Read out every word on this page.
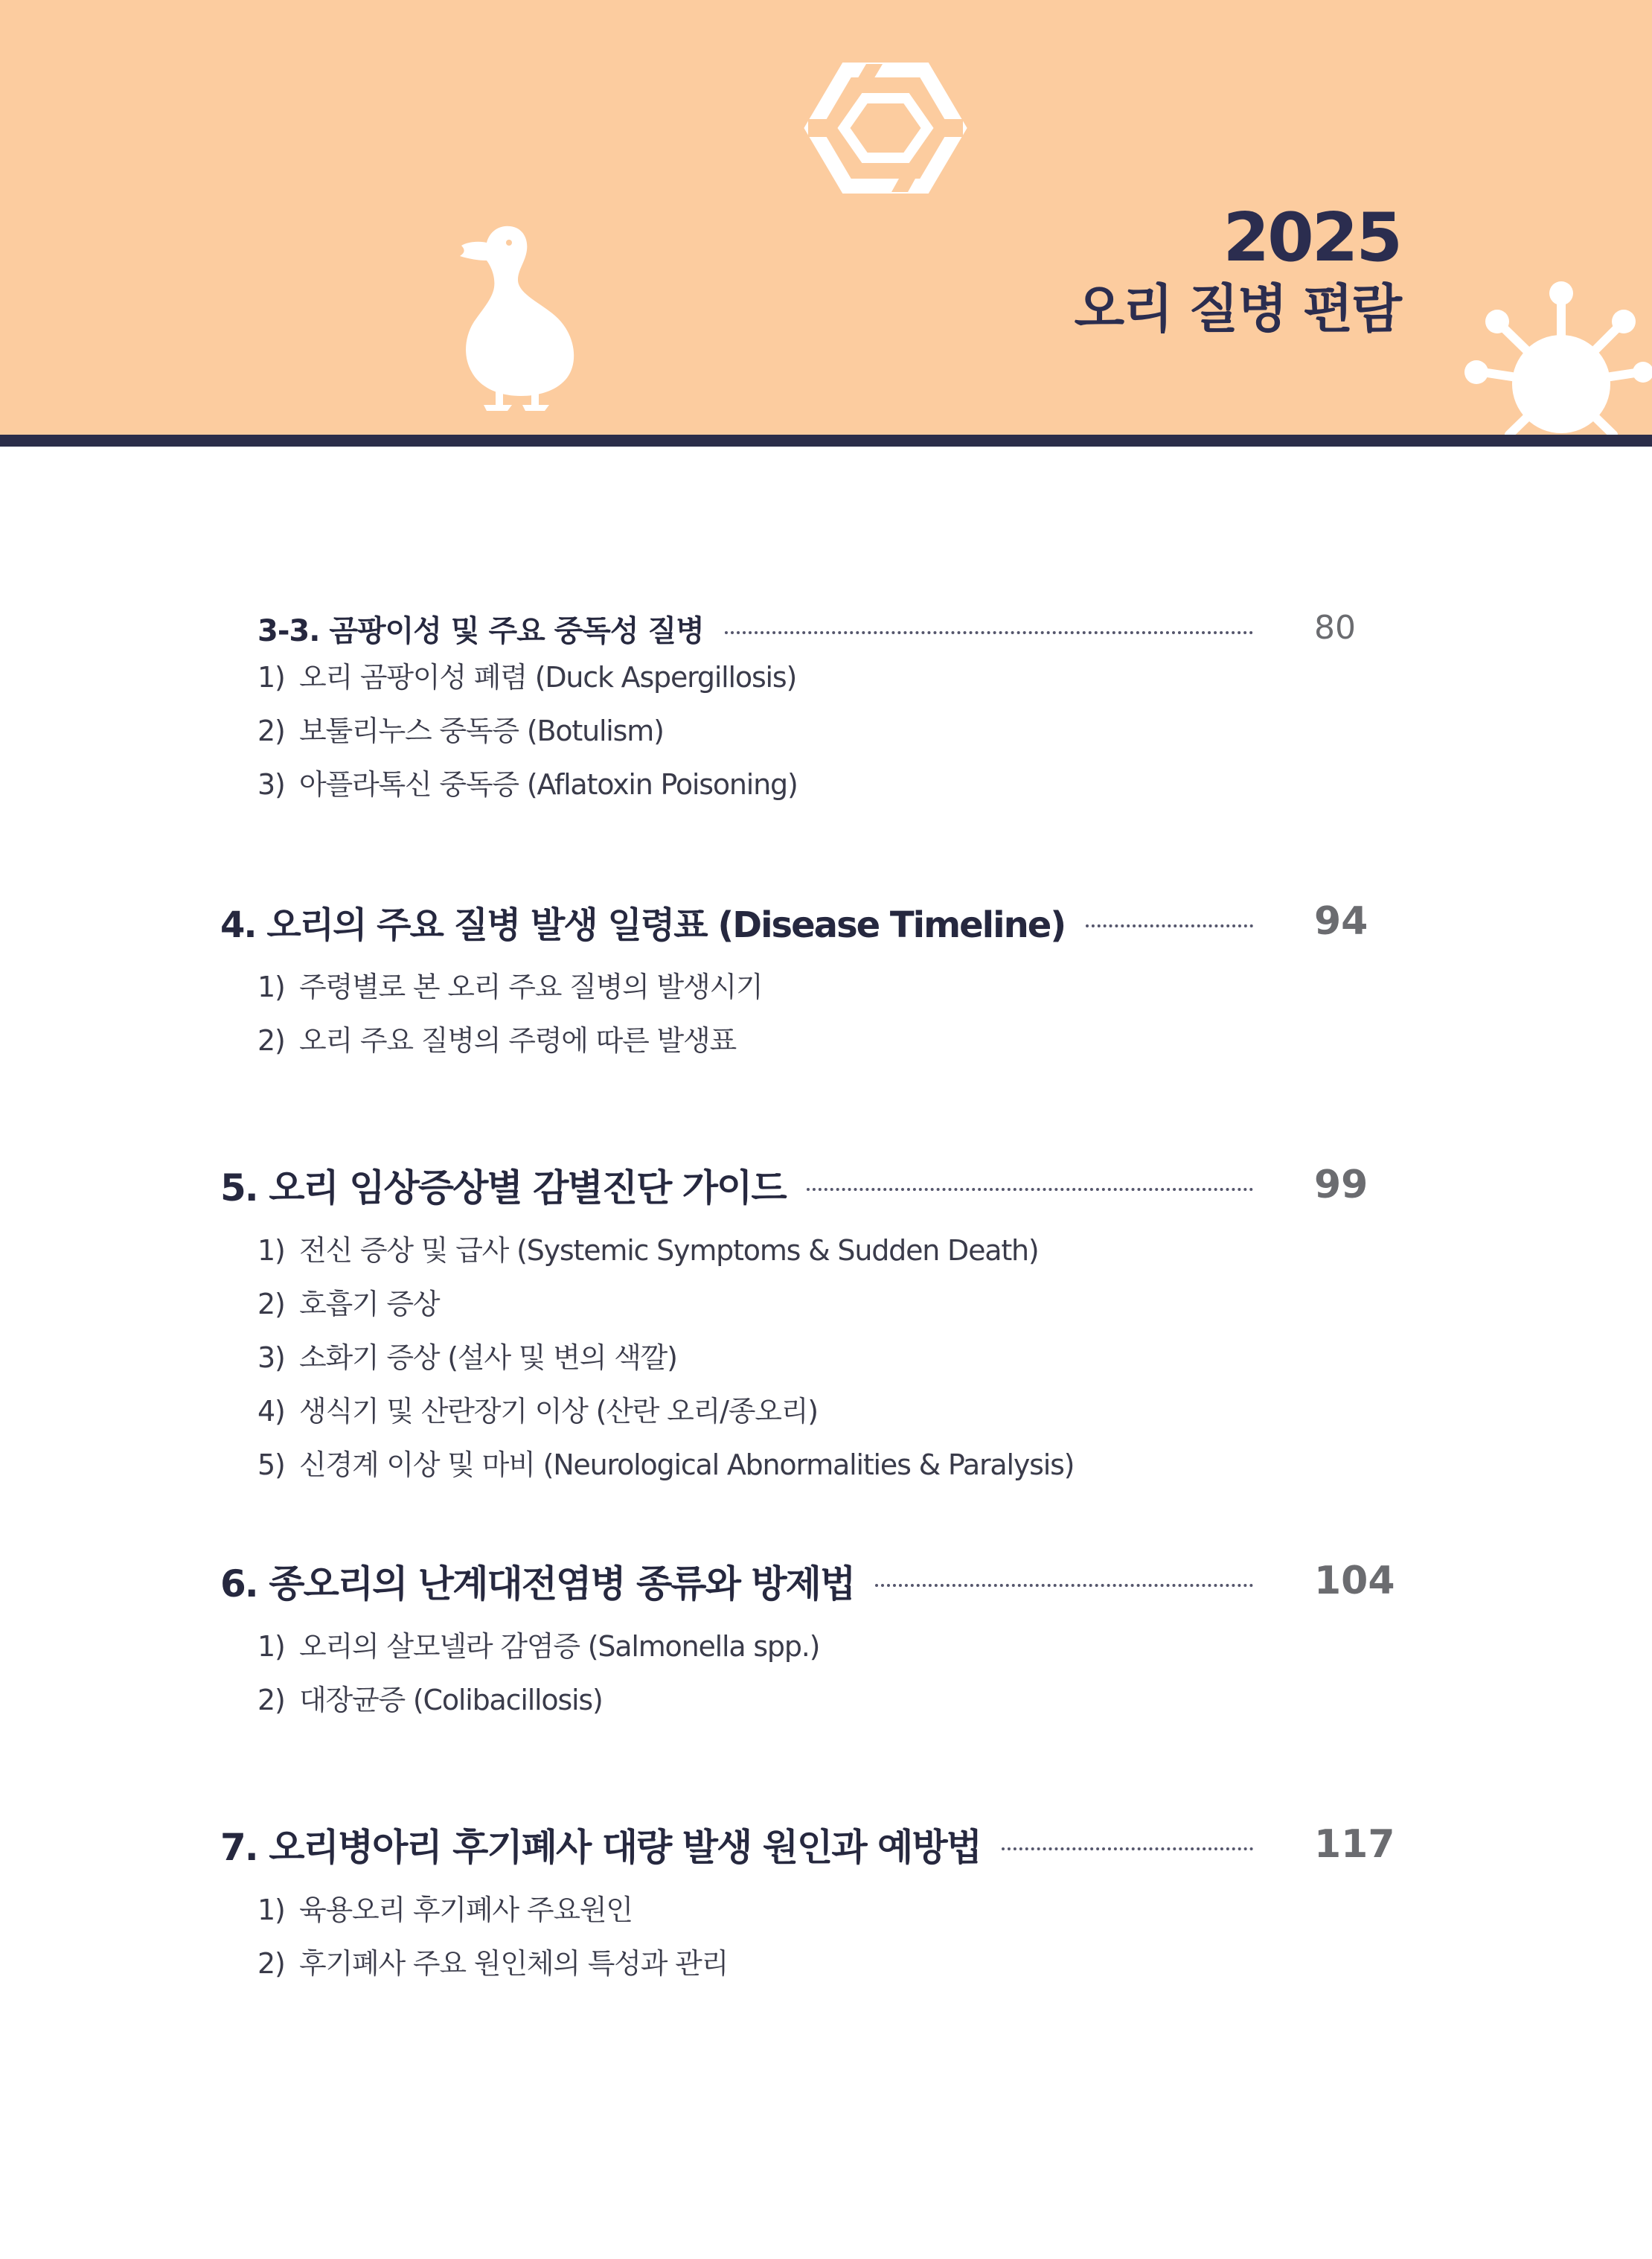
2025
오리 질병 편람
3-3. 곰팡이성 및 주요 중독성 질병	80
1) 오리 곰팡이성 폐렴 (Duck Aspergillosis)
2) 보툴리누스 중독증 (Botulism)
3) 아플라톡신 중독증 (Aflatoxin Poisoning)
4. 오리의 주요 질병 발생 일령표 (Disease Timeline)	94
1) 주령별로 본 오리 주요 질병의 발생시기
2) 오리 주요 질병의 주령에 따른 발생표
5. 오리 임상증상별 감별진단 가이드	99
1) 전신 증상 및 급사 (Systemic Symptoms & Sudden Death)
2) 호흡기 증상
3) 소화기 증상 (설사 및 변의 색깔)
4) 생식기 및 산란장기 이상 (산란 오리/종오리)
5) 신경계 이상 및 마비 (Neurological Abnormalities & Paralysis)
6. 종오리의 난계대전염병 종류와 방제법	104
1) 오리의 살모넬라 감염증 (Salmonella spp.)
2) 대장균증 (Colibacillosis)
7. 오리병아리 후기폐사 대량 발생 원인과 예방법	117
1) 육용오리 후기폐사 주요원인
2) 후기폐사 주요 원인체의 특성과 관리
